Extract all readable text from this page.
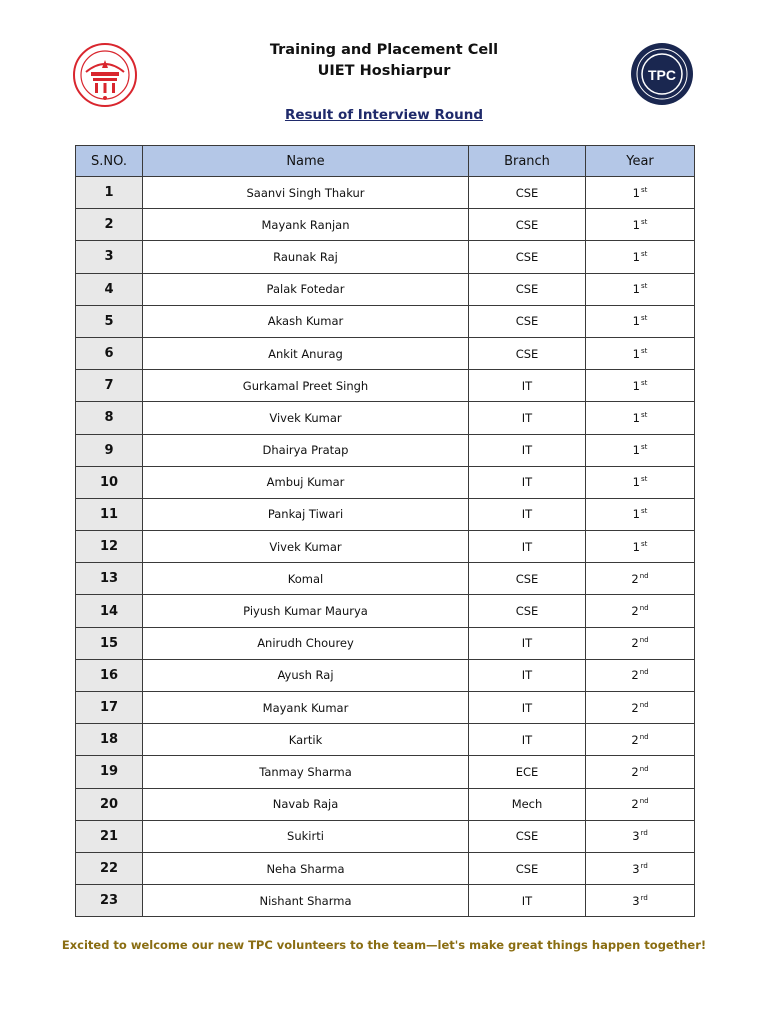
Training and Placement Cell
UIET Hoshiarpur	TPC
Result of Interview Round
S.NO.	Name	Branch	Year
1	Saanvi Singh Thakur	CSE	1st
2	Mayank Ranjan	CSE	1st
3	Raunak Raj	CSE	1st
4	Palak Fotedar	CSE	1st
5	Akash Kumar	CSE	1st
6	Ankit Anurag	CSE	1st
7	Gurkamal Preet Singh	IT	1st
8	Vivek Kumar	IT	1st
9	Dhairya Pratap	IT	1st
10	Ambuj Kumar	IT	1st
11	Pankaj Tiwari	IT	1st
12	Vivek Kumar	IT	1st
13	Komal	CSE	2nd
14	Piyush Kumar Maurya	CSE	2nd
15	Anirudh Chourey	IT	2nd
16	Ayush Raj	IT	2nd
17	Mayank Kumar	IT	2nd
18	Kartik	IT	2nd
19	Tanmay Sharma	ECE	2nd
20	Navab Raja	Mech	2nd
21	Sukirti	CSE	3rd
22	Neha Sharma	CSE	3rd
23	Nishant Sharma	IT	3rd
Excited to welcome our new TPC volunteers to the team—let's make great things happen together!
